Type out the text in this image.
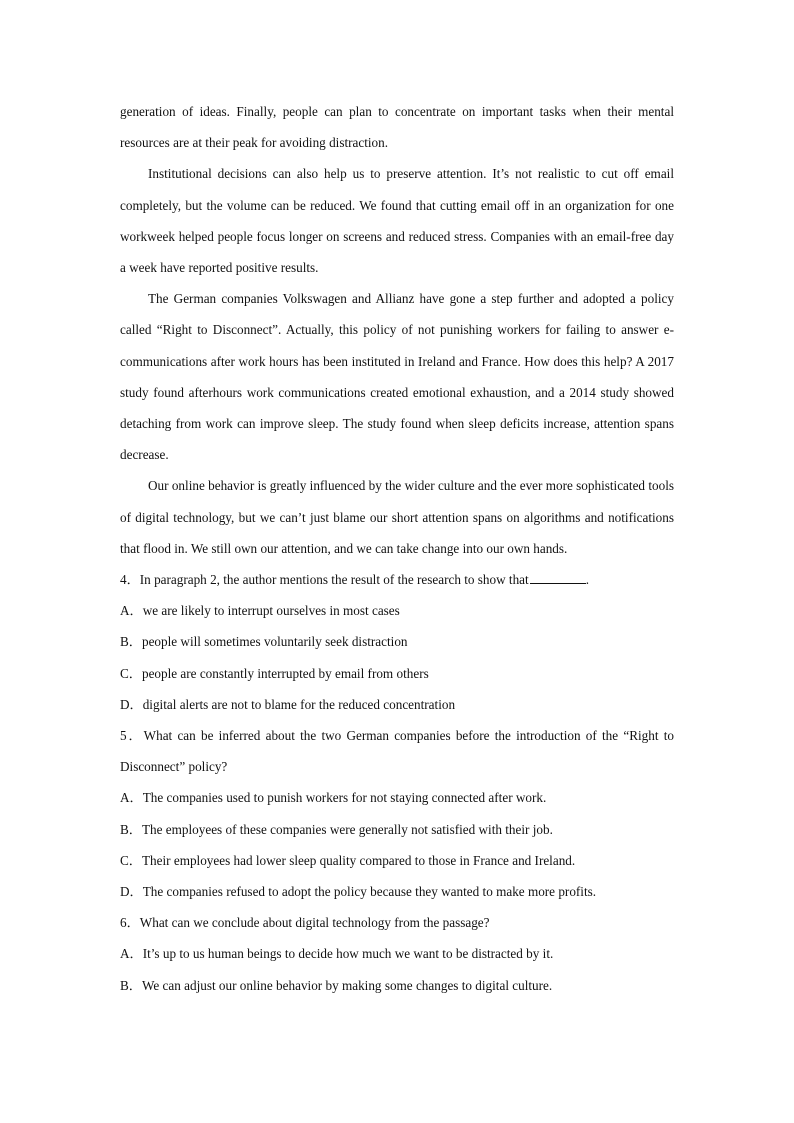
generation of ideas. Finally, people can plan to concentrate on important tasks when their mental resources are at their peak for avoiding distraction.

Institutional decisions can also help us to preserve attention. It’s not realistic to cut off email completely, but the volume can be reduced. We found that cutting email off in an organization for one workweek helped people focus longer on screens and reduced stress. Companies with an email-free day a week have reported positive results.

The German companies Volkswagen and Allianz have gone a step further and adopted a policy called “Right to Disconnect”. Actually, this policy of not punishing workers for failing to answer e-communications after work hours has been instituted in Ireland and France. How does this help? A 2017 study found afterhours work communications created emotional exhaustion, and a 2014 study showed detaching from work can improve sleep. The study found when sleep deficits increase, attention spans decrease.

Our online behavior is greatly influenced by the wider culture and the ever more sophisticated tools of digital technology, but we can’t just blame our short attention spans on algorithms and notifications that flood in. We still own our attention, and we can take change into our own hands.

4．In paragraph 2, the author mentions the result of the research to show that	.

A．we are likely to interrupt ourselves in most cases

B．people will sometimes voluntarily seek distraction

C．people are constantly interrupted by email from others

D．digital alerts are not to blame for the reduced concentration

5．What can be inferred about the two German companies before the introduction of the “Right to Disconnect” policy?

A．The companies used to punish workers for not staying connected after work.

B．The employees of these companies were generally not satisfied with their job.

C．Their employees had lower sleep quality compared to those in France and Ireland.

D．The companies refused to adopt the policy because they wanted to make more profits.

6．What can we conclude about digital technology from the passage?

A．It’s up to us human beings to decide how much we want to be distracted by it.

B．We can adjust our online behavior by making some changes to digital culture.
